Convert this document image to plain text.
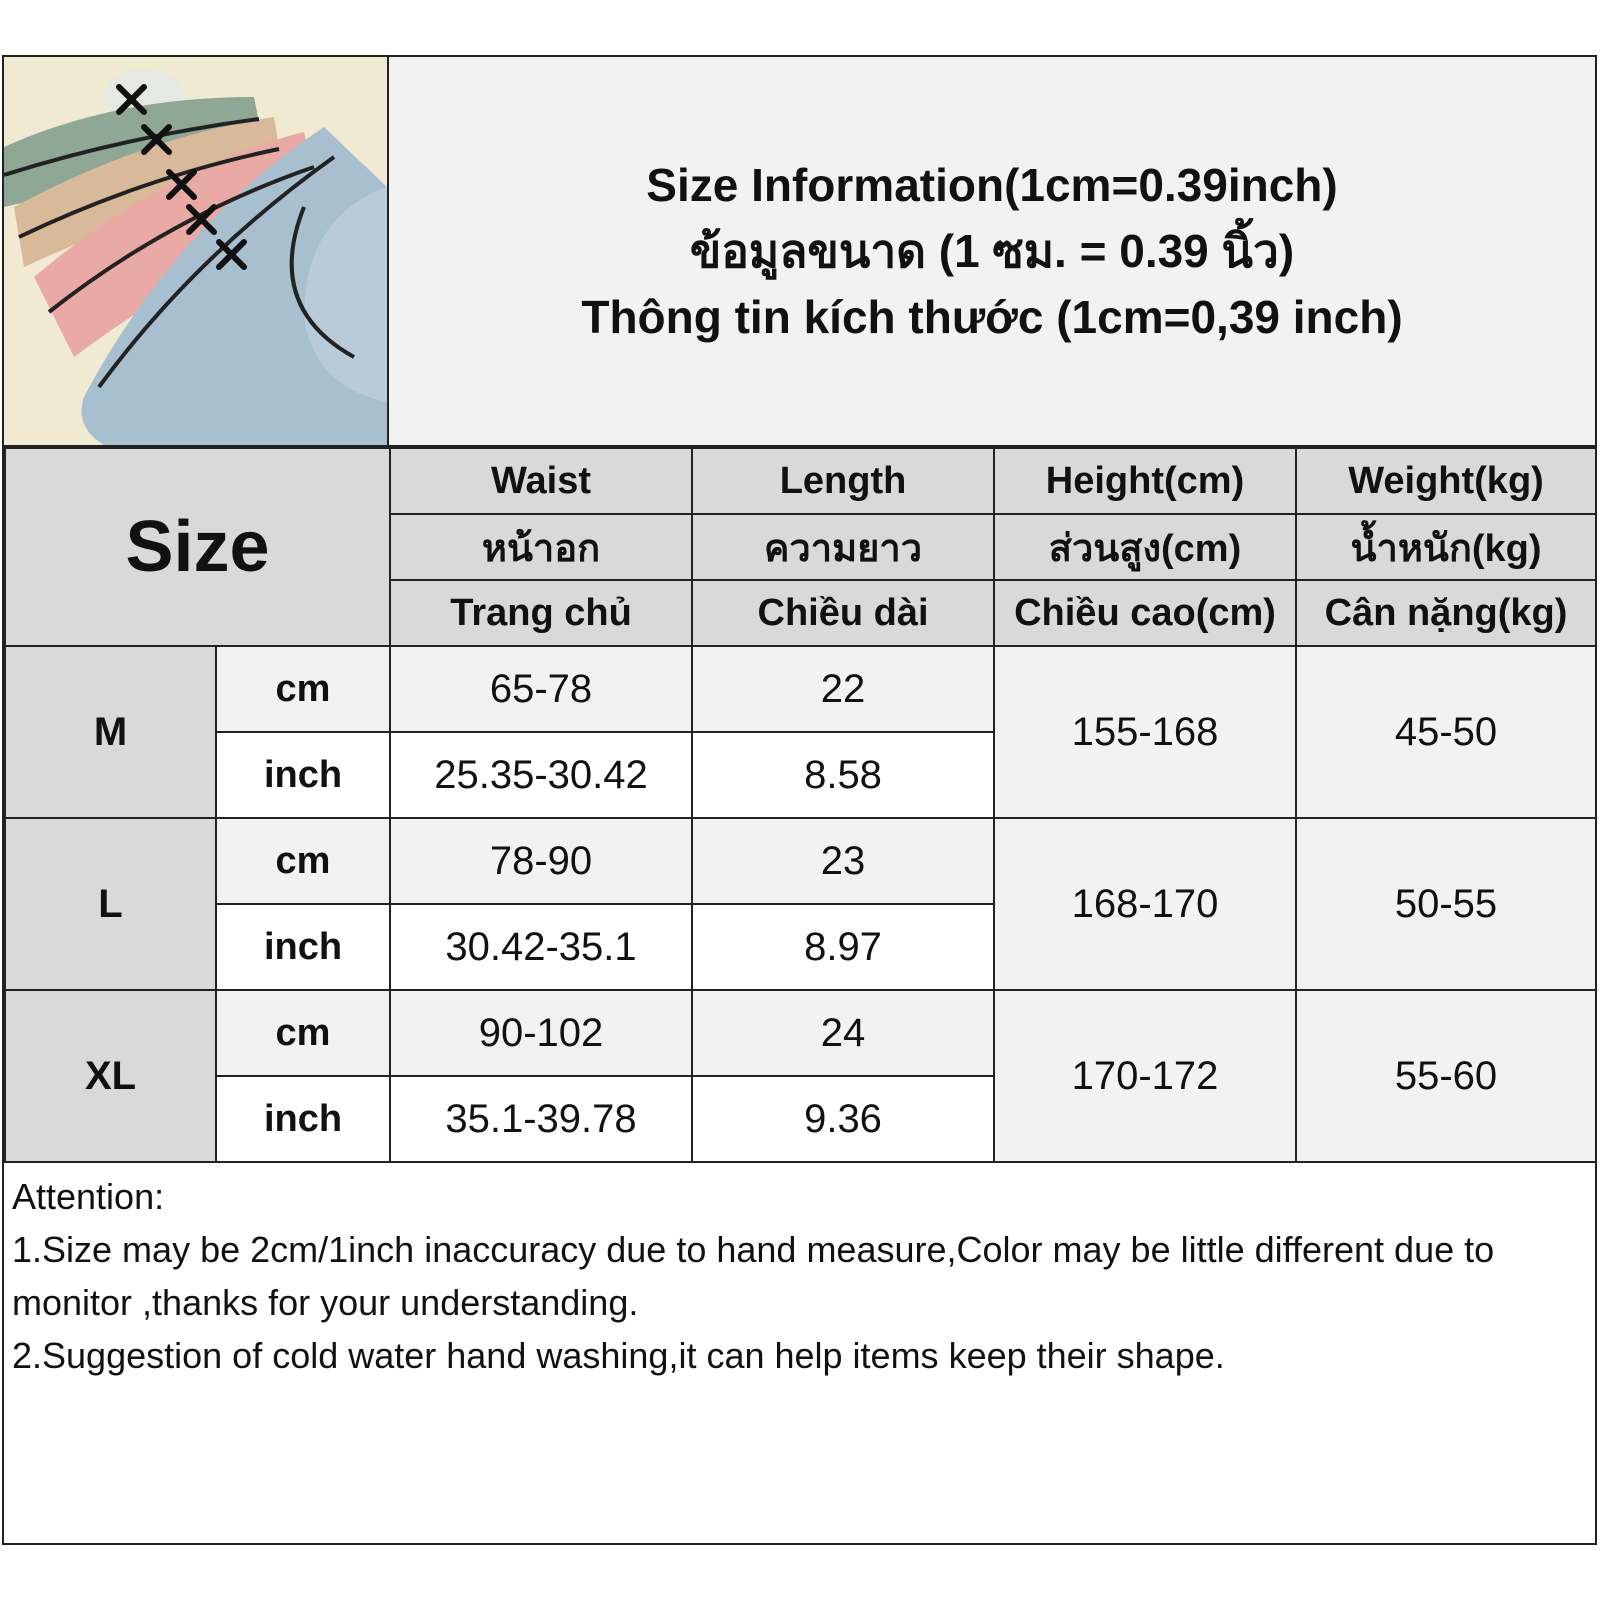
Size Information(1cm=0.39inch)
ข้อมูลขนาด (1 ซม. = 0.39 นิ้ว)
Thông tin kích thước (1cm=0,39 inch)
Size		Waist	Length	Height(cm)	Weight(kg)
		หน้าอก	ความยาว	ส่วนสูง(cm)	น้ำหนัก(kg)
		Trang chủ	Chiều dài	Chiều cao(cm)	Cân nặng(kg)
M	cm	65-78	22	155-168	45-50
	inch	25.35-30.42	8.58		
L	cm	78-90	23	168-170	50-55
	inch	30.42-35.1	8.97		
XL	cm	90-102	24	170-172	55-60
	inch	35.1-39.78	9.36		
Attention:
1.Size may be 2cm/1inch inaccuracy due to hand measure,Color may be little different due to monitor ,thanks for your understanding.
2.Suggestion of cold water hand washing,it can help items keep their shape.
